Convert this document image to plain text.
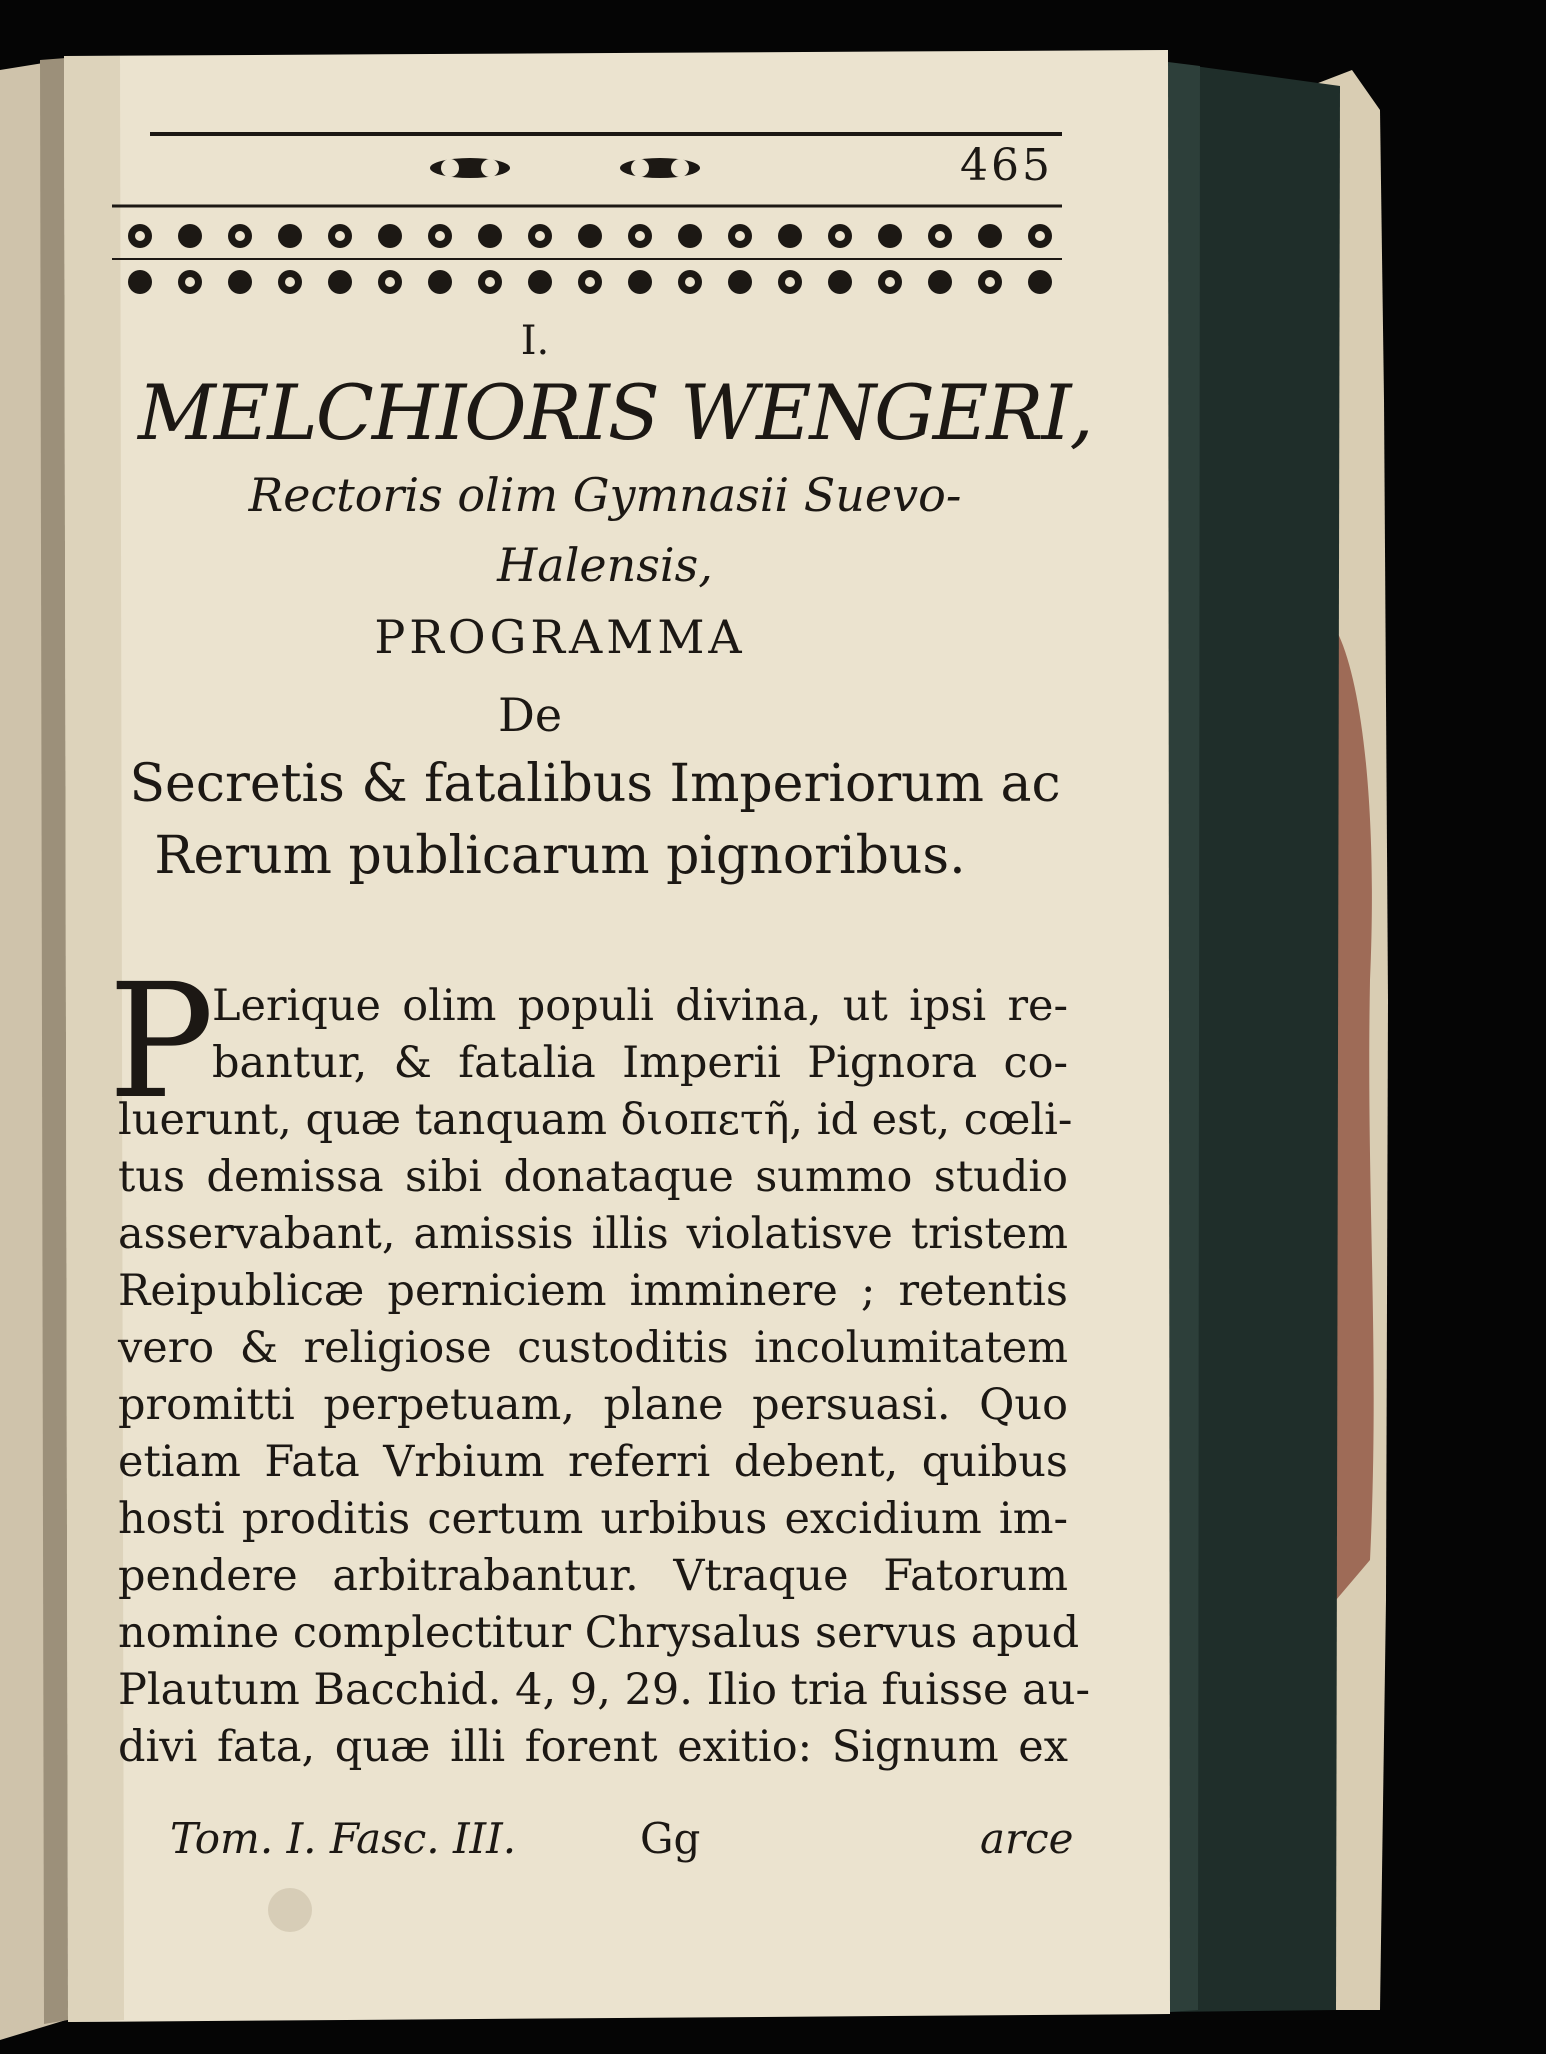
465
I.
MELCHIORIS WENGERI,
Rectoris olim Gymnasii Suevo-Halensis,
PROGRAMMA
De
Secretis & fatalibus Imperiorum ac
Rerum publicarum pignoribus.
P
Lerique olim populi divina, ut ipsi re-
bantur, & fatalia Imperii Pignora co-
luerunt, quæ tanquam διοπετῆ, id est, cœli-
tus demissa sibi donataque summo studio
asservabant, amissis illis violatisve tristem
Reipublicæ perniciem imminere ; retentis
vero & religiose custoditis incolumitatem
promitti perpetuam, plane persuasi. Quo
etiam Fata Vrbium referri debent, quibus
hosti proditis certum urbibus excidium im-
pendere arbitrabantur. Vtraque Fatorum
nomine complectitur Chrysalus servus apud
Plautum Bacchid. 4, 9, 29. Ilio tria fuisse au-
divi fata, quæ illi forent exitio: Signum ex
Tom. I. Fasc. III.	Gg	arce
